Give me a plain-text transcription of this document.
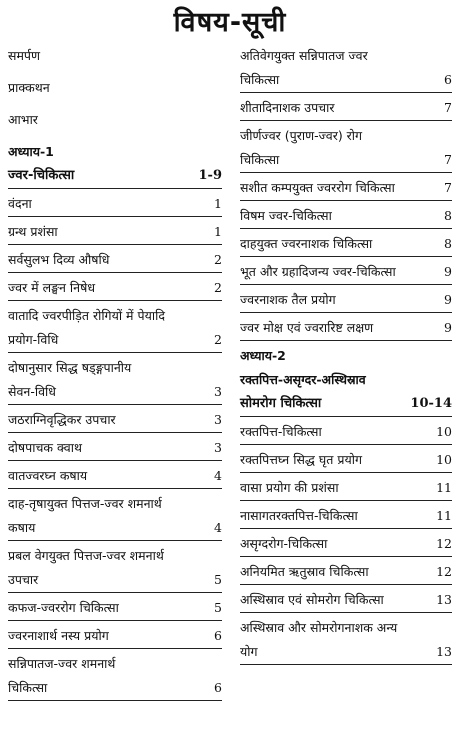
विषय-सूची
समर्पण
प्राक्कथन
आभार
अध्याय-1
ज्वर-चिकित्सा	1-9
वंदना	1
ग्रन्थ प्रशंसा	1
सर्वसुलभ दिव्य औषधि	2
ज्वर में लङ्घन निषेध	2
वातादि ज्वरपीड़ित रोगियों में पेयादि
प्रयोग-विधि	2
दोषानुसार सिद्ध षड्ङ्गपानीय
सेवन-विधि	3
जठराग्निवृद्धिकर उपचार	3
दोषपाचक क्वाथ	3
वातज्वरघ्न कषाय	4
दाह-तृषायुक्त पित्तज-ज्वर शमनार्थ
कषाय	4
प्रबल वेगयुक्त पित्तज-ज्वर शमनार्थ
उपचार	5
कफज-ज्वररोग चिकित्सा	5
ज्वरनाशार्थ नस्य प्रयोग	6
सन्निपातज-ज्वर शमनार्थ
चिकित्सा	6
अतिवेगयुक्त सन्निपातज ज्वर
चिकित्सा	6
शीतादिनाशक उपचार	7
जीर्णज्वर (पुराण-ज्वर) रोग
चिकित्सा	7
सशीत कम्पयुक्त ज्वररोग चिकित्सा	7
विषम ज्वर-चिकित्सा	8
दाहयुक्त ज्वरनाशक चिकित्सा	8
भूत और ग्रहादिजन्य ज्वर-चिकित्सा	9
ज्वरनाशक तैल प्रयोग	9
ज्वर मोक्ष एवं ज्वरारिष्ट लक्षण	9
अध्याय-2
रक्तपित्त-असृग्दर-अस्थिस्राव
सोमरोग चिकित्सा	10-14
रक्तपित्त-चिकित्सा	10
रक्तपित्तघ्न सिद्ध घृत प्रयोग	10
वासा प्रयोग की प्रशंसा	11
नासागतरक्तपित्त-चिकित्सा	11
असृग्दरोग-चिकित्सा	12
अनियमित ऋतुस्राव चिकित्सा	12
अस्थिस्राव एवं सोमरोग चिकित्सा	13
अस्थिस्राव और सोमरोगनाशक अन्य
योग	13
